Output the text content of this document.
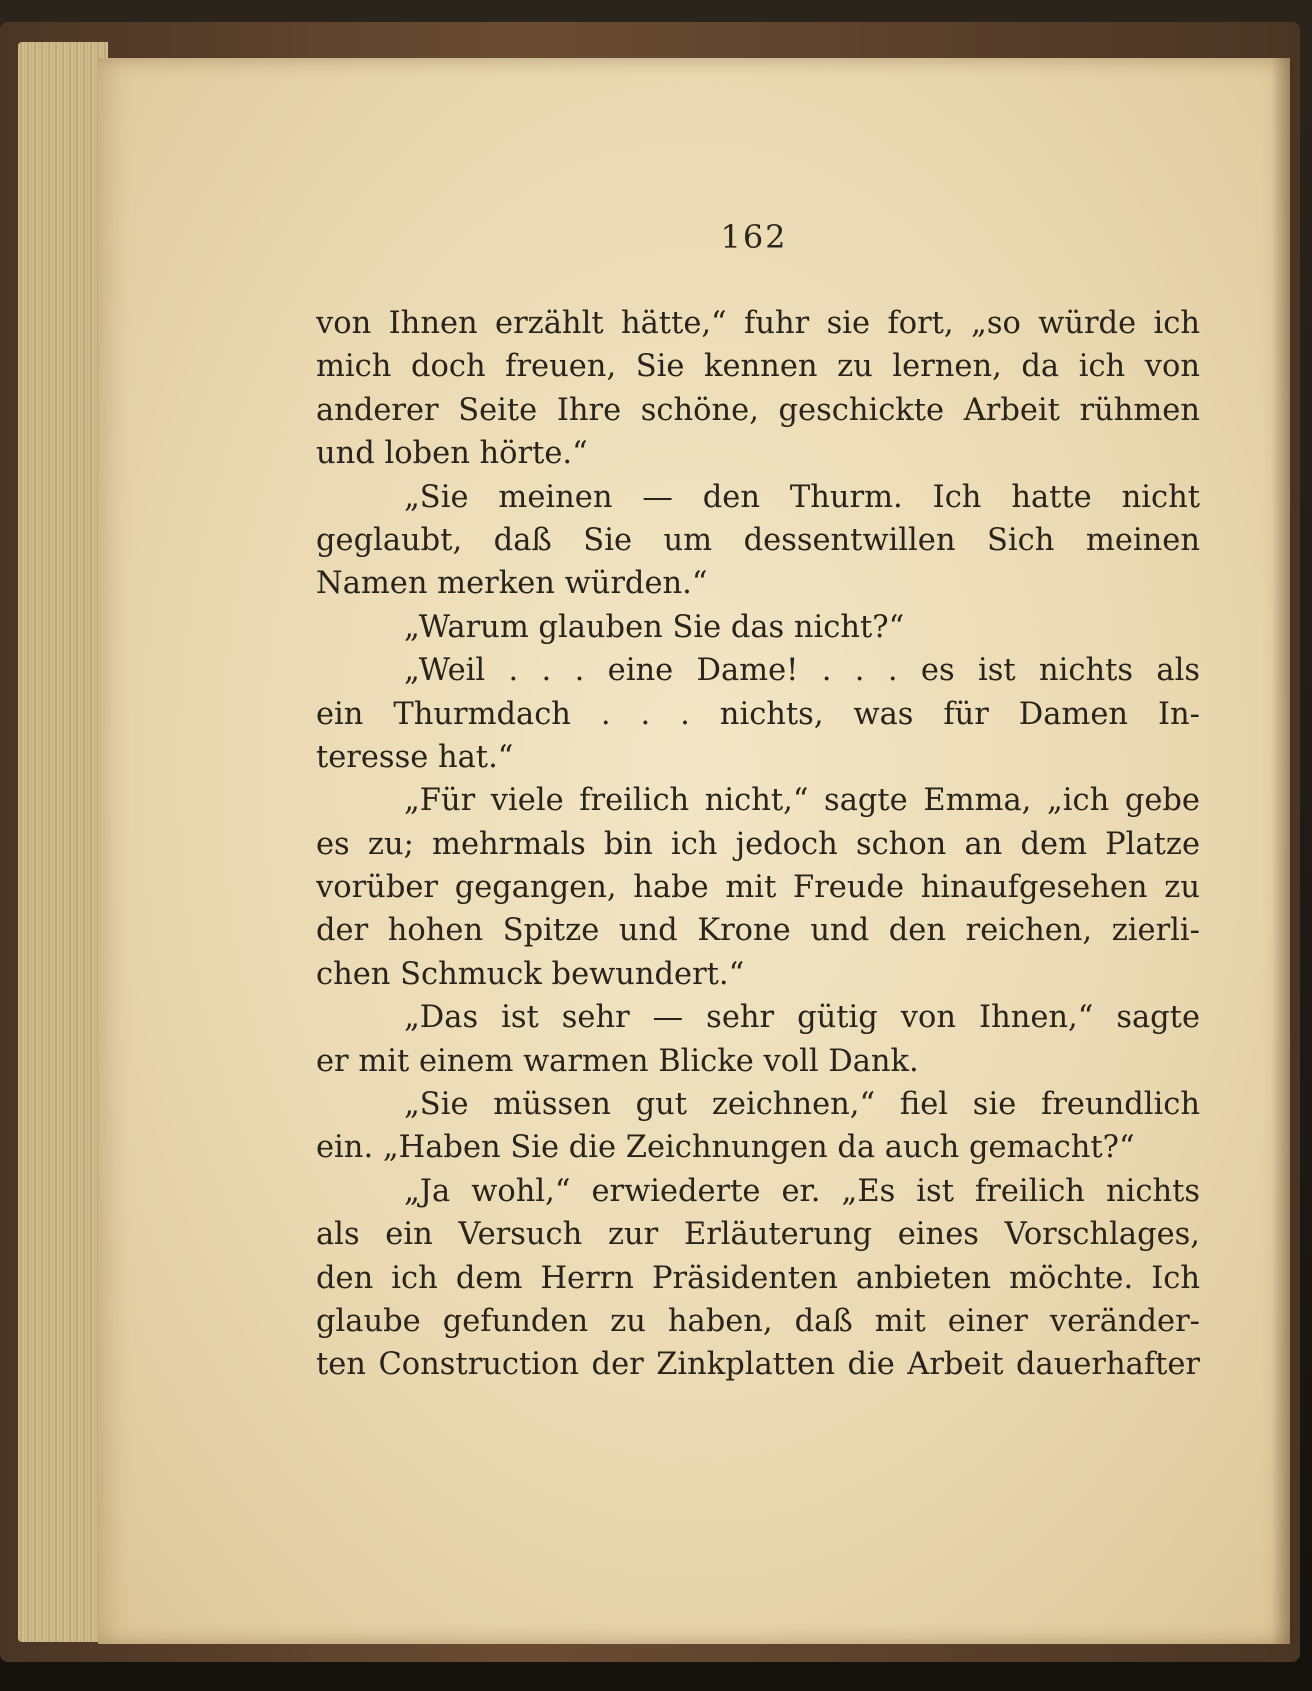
162
von Ihnen erzählt hätte,“ fuhr sie fort, „so würde ich
mich doch freuen, Sie kennen zu lernen, da ich von
anderer Seite Ihre schöne, geschickte Arbeit rühmen
und loben hörte.“
„Sie meinen — den Thurm. Ich hatte nicht
geglaubt, daß Sie um dessentwillen Sich meinen
Namen merken würden.“
„Warum glauben Sie das nicht?“
„Weil . . . eine Dame! . . . es ist nichts als
ein Thurmdach . . . nichts, was für Damen In-
teresse hat.“
„Für viele freilich nicht,“ sagte Emma, „ich gebe
es zu; mehrmals bin ich jedoch schon an dem Platze
vorüber gegangen, habe mit Freude hinaufgesehen zu
der hohen Spitze und Krone und den reichen, zierli-
chen Schmuck bewundert.“
„Das ist sehr — sehr gütig von Ihnen,“ sagte
er mit einem warmen Blicke voll Dank.
„Sie müssen gut zeichnen,“ fiel sie freundlich
ein. „Haben Sie die Zeichnungen da auch gemacht?“
„Ja wohl,“ erwiederte er. „Es ist freilich nichts
als ein Versuch zur Erläuterung eines Vorschlages,
den ich dem Herrn Präsidenten anbieten möchte. Ich
glaube gefunden zu haben, daß mit einer veränder-
ten Construction der Zinkplatten die Arbeit dauerhafter
